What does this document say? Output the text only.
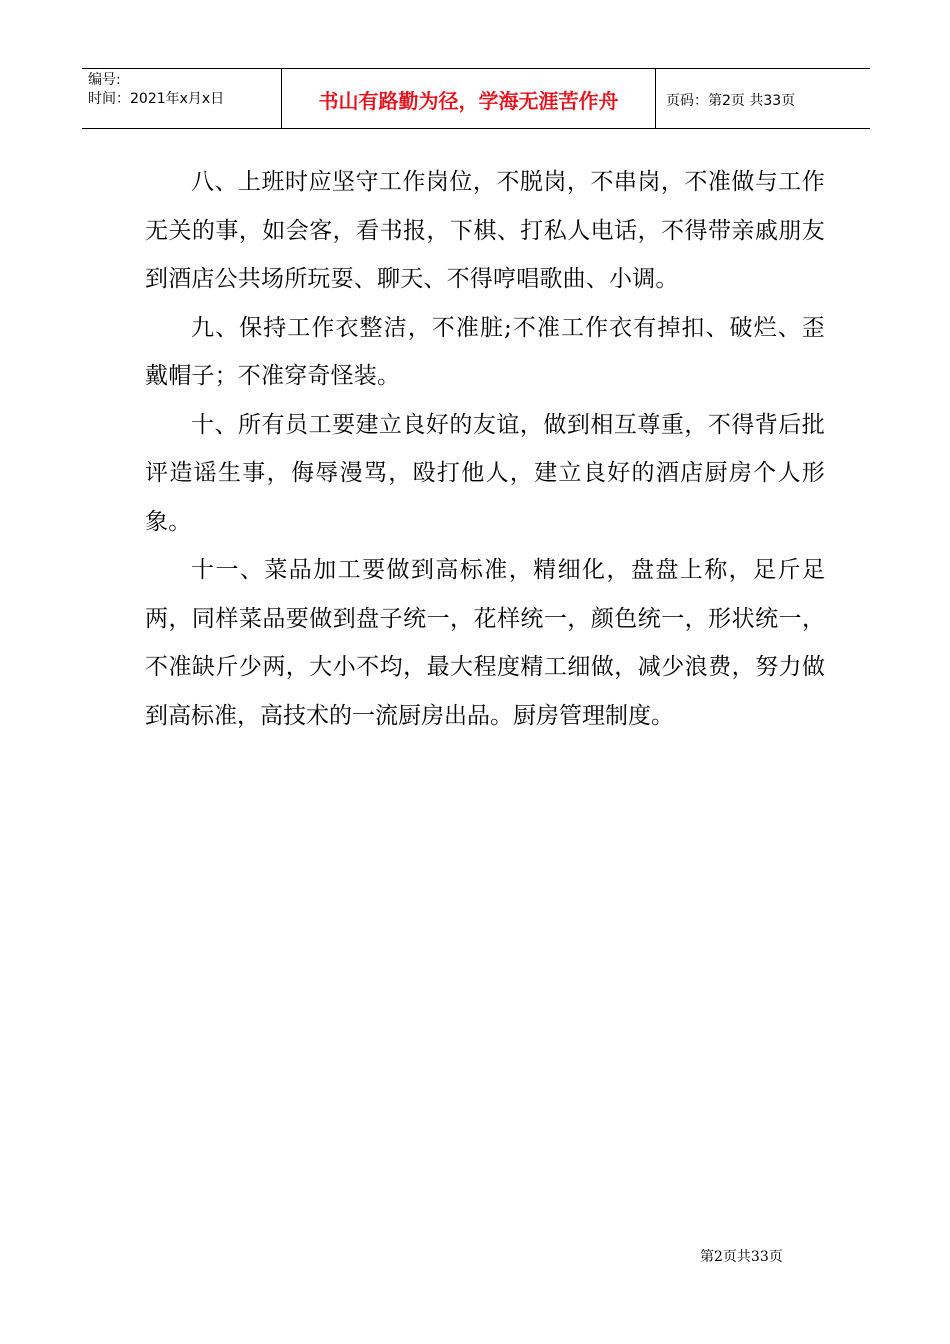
编号:
时间：2021年x月x日	书山有路勤为径，学海无涯苦作舟	页码：第2页 共33页

八、上班时应坚守工作岗位，不脱岗，不串岗，不准做与工作无关的事，如会客，看书报，下棋、打私人电话，不得带亲戚朋友到酒店公共场所玩耍、聊天、不得哼唱歌曲、小调。

九、保持工作衣整洁，不准脏;不准工作衣有掉扣、破烂、歪戴帽子；不准穿奇怪装。

十、所有员工要建立良好的友谊，做到相互尊重，不得背后批评造谣生事，侮辱漫骂，殴打他人，建立良好的酒店厨房个人形象。

十一、菜品加工要做到高标准，精细化，盘盘上称，足斤足两，同样菜品要做到盘子统一，花样统一，颜色统一，形状统一，不准缺斤少两，大小不均，最大程度精工细做，减少浪费，努力做到高标准，高技术的一流厨房出品。厨房管理制度。

第2页共33页
